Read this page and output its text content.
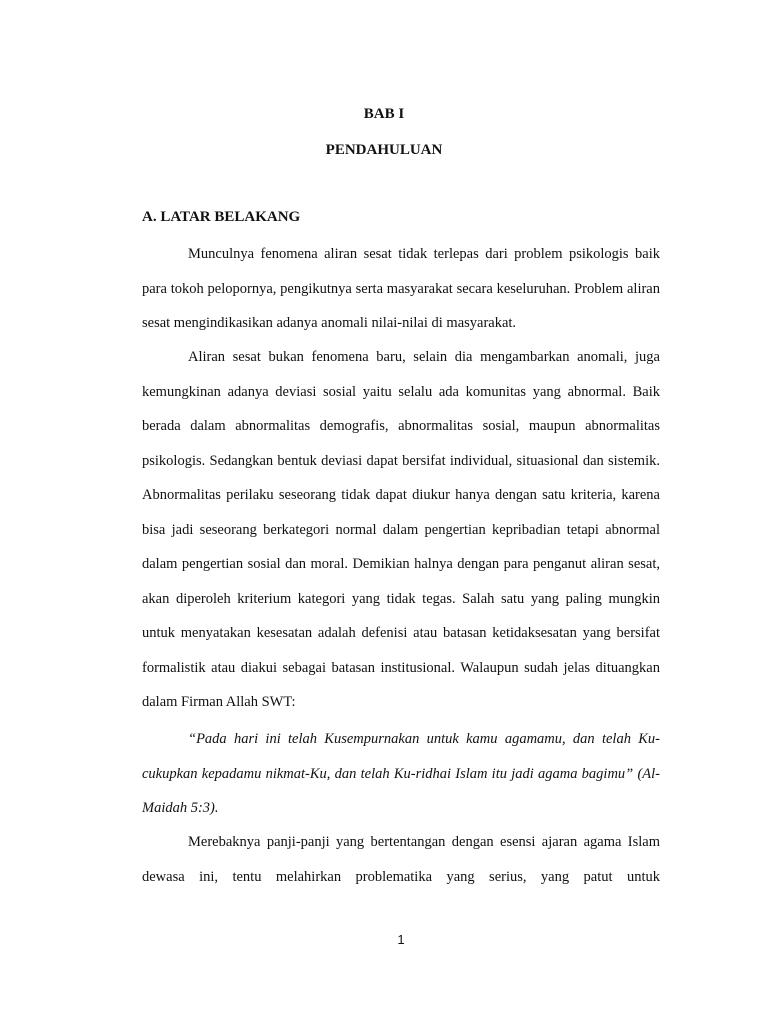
BAB I
PENDAHULUAN
A. LATAR BELAKANG

Munculnya fenomena aliran sesat tidak terlepas dari problem psikologis baik para tokoh pelopornya, pengikutnya serta masyarakat secara keseluruhan. Problem aliran sesat mengindikasikan adanya anomali nilai-nilai di masyarakat.

Aliran sesat bukan fenomena baru, selain dia mengambarkan anomali, juga kemungkinan adanya deviasi sosial yaitu selalu ada komunitas yang abnormal. Baik berada dalam abnormalitas demografis, abnormalitas sosial, maupun abnormalitas psikologis. Sedangkan bentuk deviasi dapat bersifat individual, situasional dan sistemik. Abnormalitas perilaku seseorang tidak dapat diukur hanya dengan satu kriteria, karena bisa jadi seseorang berkategori normal dalam pengertian kepribadian tetapi abnormal dalam pengertian sosial dan moral. Demikian halnya dengan para penganut aliran sesat, akan diperoleh kriterium kategori yang tidak tegas. Salah satu yang paling mungkin untuk menyatakan kesesatan adalah defenisi atau batasan ketidaksesatan yang bersifat formalistik atau diakui sebagai batasan institusional. Walaupun sudah jelas dituangkan dalam Firman Allah SWT:

“Pada hari ini telah Kusempurnakan untuk kamu agamamu, dan telah Ku-cukupkan kepadamu nikmat-Ku, dan telah Ku-ridhai Islam itu jadi agama bagimu” (Al-Maidah 5:3).

Merebaknya panji-panji yang bertentangan dengan esensi ajaran agama Islam dewasa ini, tentu melahirkan problematika yang serius, yang patut untuk

1
